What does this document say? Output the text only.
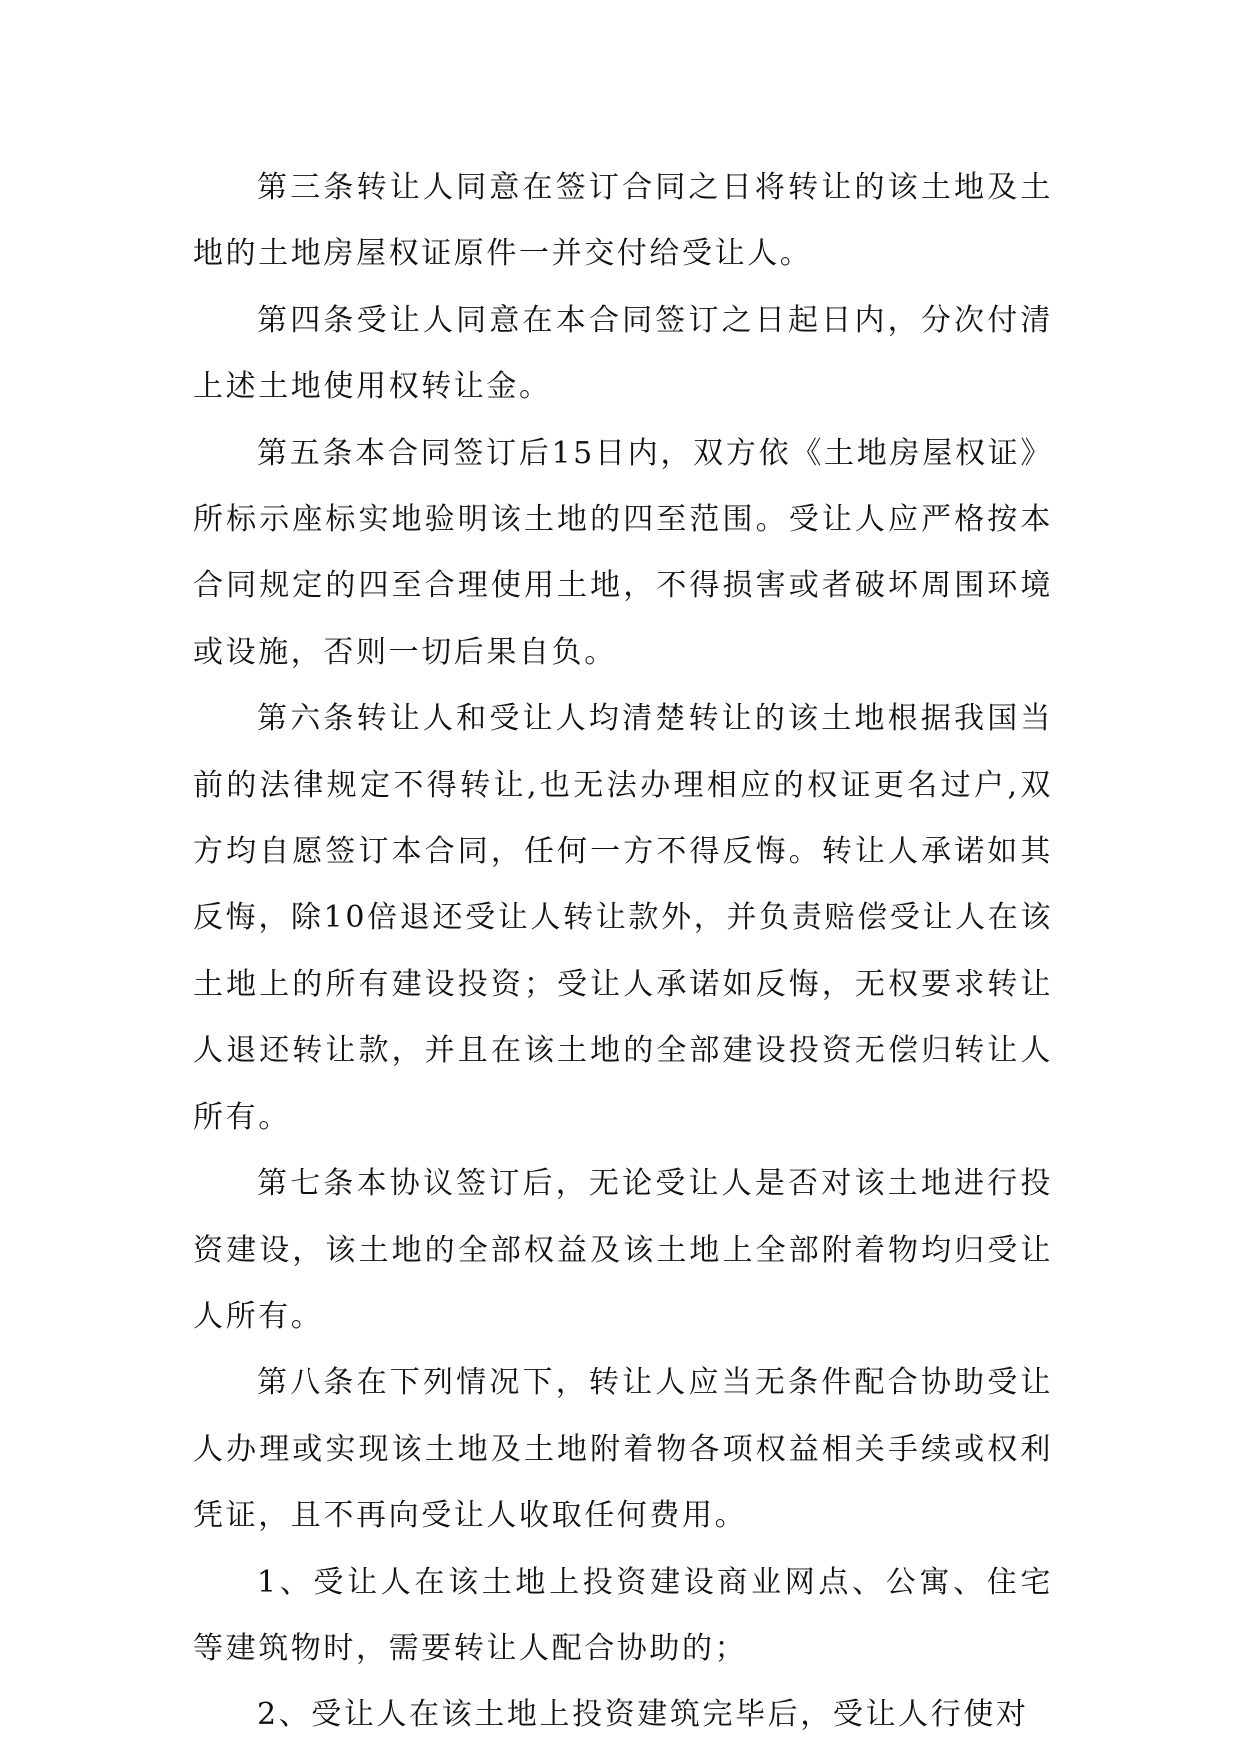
第三条转让人同意在签订合同之日将转让的该土地及土地的土地房屋权证原件一并交付给受让人。

第四条受让人同意在本合同签订之日起日内，分次付清上述土地使用权转让金。

第五条本合同签订后15日内，双方依《土地房屋权证》所标示座标实地验明该土地的四至范围。受让人应严格按本合同规定的四至合理使用土地，不得损害或者破坏周围环境或设施，否则一切后果自负。

第六条转让人和受让人均清楚转让的该土地根据我国当前的法律规定不得转让,也无法办理相应的权证更名过户,双方均自愿签订本合同，任何一方不得反悔。转让人承诺如其反悔，除10倍退还受让人转让款外，并负责赔偿受让人在该土地上的所有建设投资；受让人承诺如反悔，无权要求转让人退还转让款，并且在该土地的全部建设投资无偿归转让人所有。

第七条本协议签订后，无论受让人是否对该土地进行投资建设，该土地的全部权益及该土地上全部附着物均归受让人所有。

第八条在下列情况下，转让人应当无条件配合协助受让人办理或实现该土地及土地附着物各项权益相关手续或权利凭证，且不再向受让人收取任何费用。

1、受让人在该土地上投资建设商业网点、公寓、住宅等建筑物时，需要转让人配合协助的；

2、受让人在该土地上投资建筑完毕后，受让人行使对
